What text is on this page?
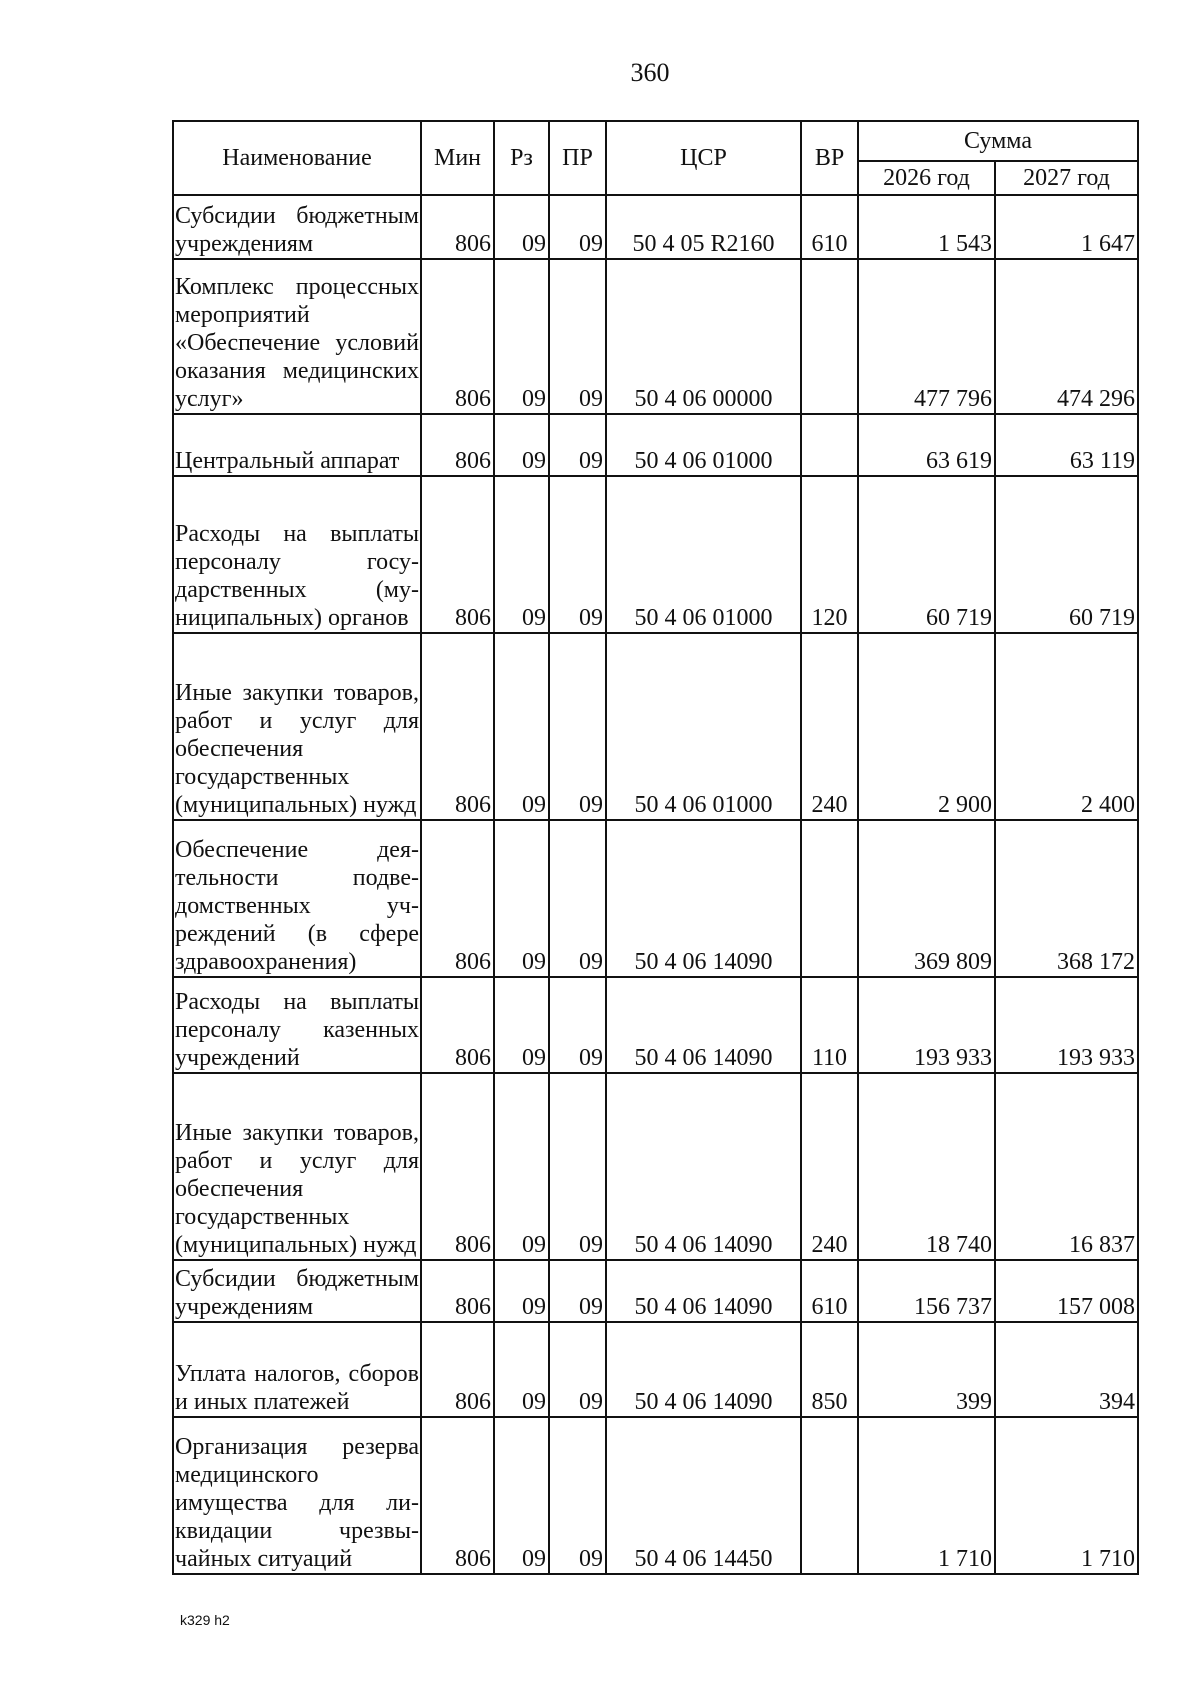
360
Наименование	Мин	Рз	ПР	ЦСР	ВР	Сумма	
						2026 год	2027 год
Субсидии бюджетным учреждениям	806	09	09	50 4 05 R2160	610	1 543	1 647
Комплекс процессных мероприятий «Обеспечение условий оказания медицинских услуг»	806	09	09	50 4 06 00000		477 796	474 296
Центральный аппарат	806	09	09	50 4 06 01000		63 619	63 119
Расходы на выплаты персоналу государственных (муниципальных) органов	806	09	09	50 4 06 01000	120	60 719	60 719
Иные закупки товаров, работ и услуг для обеспечения государственных (муниципальных) нужд	806	09	09	50 4 06 01000	240	2 900	2 400
Обеспечение деятельности подведомственных учреждений (в сфере здравоохранения)	806	09	09	50 4 06 14090		369 809	368 172
Расходы на выплаты персоналу казенных учреждений	806	09	09	50 4 06 14090	110	193 933	193 933
Иные закупки товаров, работ и услуг для обеспечения государственных (муниципальных) нужд	806	09	09	50 4 06 14090	240	18 740	16 837
Субсидии бюджетным учреждениям	806	09	09	50 4 06 14090	610	156 737	157 008
Уплата налогов, сборов и иных платежей	806	09	09	50 4 06 14090	850	399	394
Организация резерва медицинского имущества для ликвидации чрезвычайных ситуаций	806	09	09	50 4 06 14450		1 710	1 710
k329 h2
